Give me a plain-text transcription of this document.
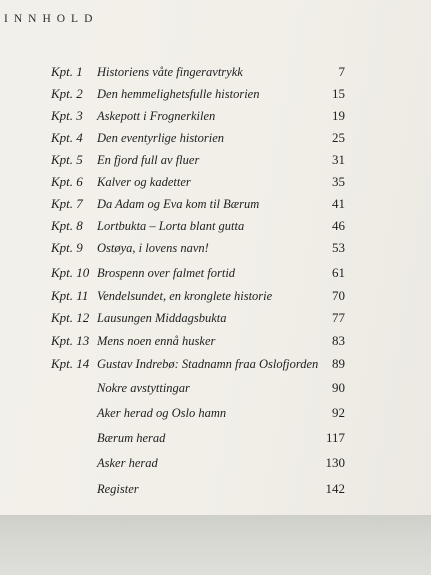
INNHOLD
Kpt. 1 Historiens våte fingeravtrykk	7
Kpt. 2 Den hemmelighetsfulle historien	15
Kpt. 3 Askepott i Frognerkilen	19
Kpt. 4 Den eventyrlige historien	25
Kpt. 5 En fjord full av fluer	31
Kpt. 6 Kalver og kadetter	35
Kpt. 7 Da Adam og Eva kom til Bærum	41
Kpt. 8 Lortbukta – Lorta blant gutta	46
Kpt. 9 Ostøya, i lovens navn!	53
Kpt. 10 Brospenn over falmet fortid	61
Kpt. 11 Vendelsundet, en kronglete historie	70
Kpt. 12 Lausungen Middagsbukta	77
Kpt. 13 Mens noen ennå husker	83
Kpt. 14 Gustav Indrebø: Stadnamn fraa Oslofjorden	89
Nokre avstyttingar	90
Aker herad og Oslo hamn	92
Bærum herad	117
Asker herad	130
Register	142
